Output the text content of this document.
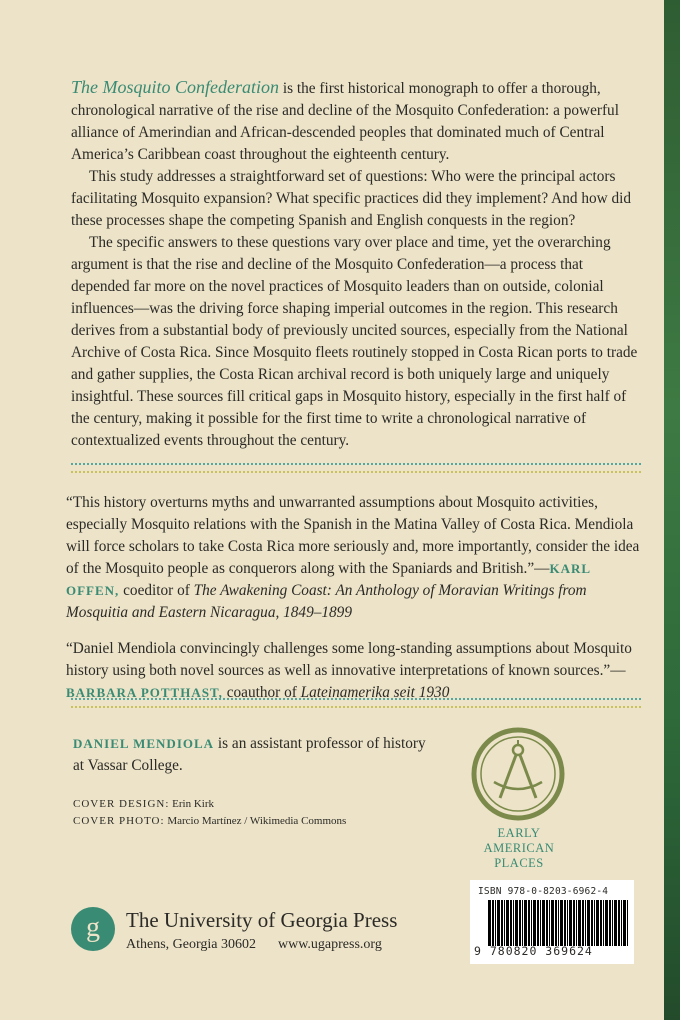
The Mosquito Confederation is the first historical monograph to offer a thorough, chronological narrative of the rise and decline of the Mosquito Confederation: a powerful alliance of Amerindian and African-descended peoples that dominated much of Central America’s Caribbean coast throughout the eighteenth century.

This study addresses a straightforward set of questions: Who were the principal actors facilitating Mosquito expansion? What specific practices did they implement? And how did these processes shape the competing Spanish and English conquests in the region?

The specific answers to these questions vary over place and time, yet the overarching argument is that the rise and decline of the Mosquito Confederation—a process that depended far more on the novel practices of Mosquito leaders than on outside, colonial influences—was the driving force shaping imperial outcomes in the region. This research derives from a substantial body of previously uncited sources, especially from the National Archive of Costa Rica. Since Mosquito fleets routinely stopped in Costa Rican ports to trade and gather supplies, the Costa Rican archival record is both uniquely large and uniquely insightful. These sources fill critical gaps in Mosquito history, especially in the first half of the century, making it possible for the first time to write a chronological narrative of contextualized events throughout the century.

“This history overturns myths and unwarranted assumptions about Mosquito activities, especially Mosquito relations with the Spanish in the Matina Valley of Costa Rica. Mendiola will force scholars to take Costa Rica more seriously and, more importantly, consider the idea of the Mosquito people as conquerors along with the Spaniards and British.”—KARL OFFEN, coeditor of The Awakening Coast: An Anthology of Moravian Writings from Mosquitia and Eastern Nicaragua, 1849–1899

“Daniel Mendiola convincingly challenges some long-standing assumptions about Mosquito history using both novel sources as well as innovative interpretations of known sources.”—BARBARA POTTHAST, coauthor of Lateinamerika seit 1930

DANIEL MENDIOLA is an assistant professor of history at Vassar College.
COVER DESIGN: Erin Kirk
COVER PHOTO: Marcio Martínez / Wikimedia Commons
EARLY
AMERICAN
PLACES
ISBN 978-0-8203-6962-4
9 780820 369624
g The University of Georgia Press
Athens, Georgia 30602 www.ugapress.org
